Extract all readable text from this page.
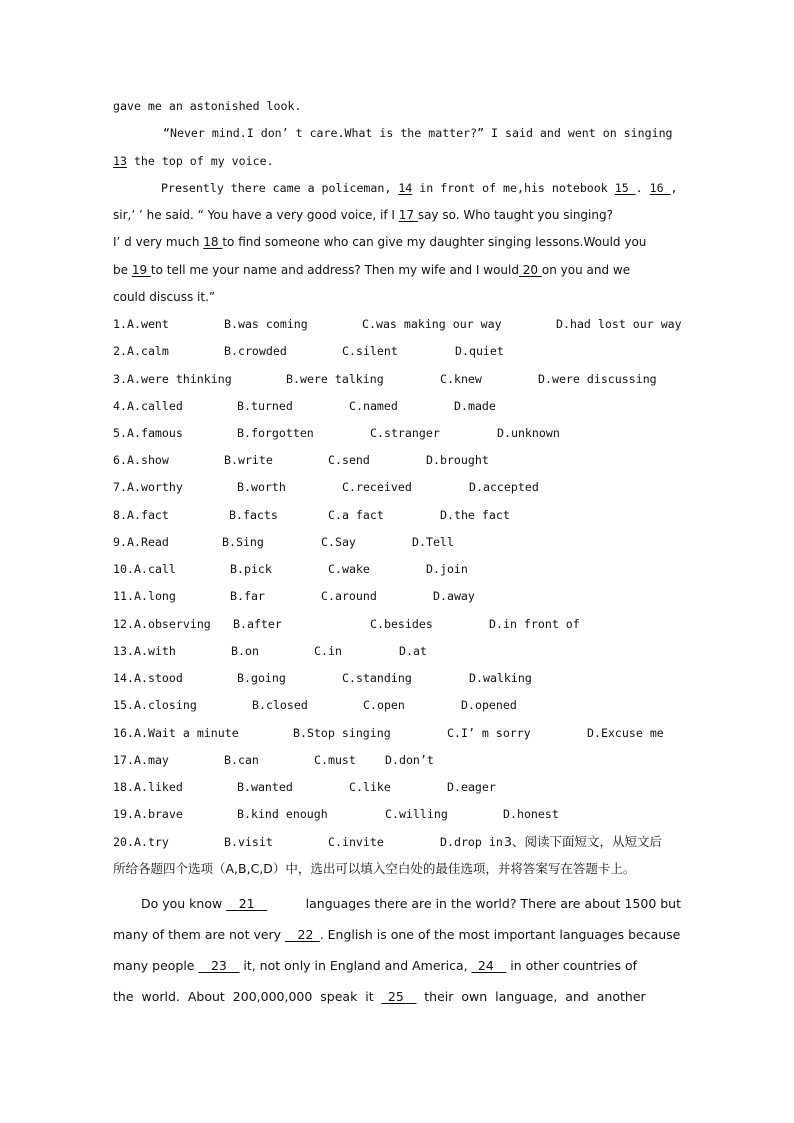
gave me an astonished look.
“Never mind.I don’ t care.What is the matter?” I said and went on singing
13 the top of my voice.
Presently there came a policeman, 14 in front of me,his notebook 15 . 16 ,
sir,’ ’ he said. “ You have a very good voice, if I 17 say so. Who taught you singing?
I’ d very much 18 to find someone who can give my daughter singing lessons.Would you
be 19 to tell me your name and address? Then my wife and I would 20 on you and we
could discuss it.”
1. A.went	B.was coming	C.was making our way	D.had lost our way
2. A.calm	B.crowded	C.silent	D.quiet
3. A.were thinking	B.were talking	C.knew	D.were discussing
4. A.called	B.turned	C.named	D.made
5. A.famous	B.forgotten	C.stranger	D.unknown
6. A.show	B.write	C.send	D.brought
7. A.worthy	B.worth	C.received	D.accepted
8. A.fact	B.facts	C.a fact	D.the fact
9. A.Read	B.Sing	C.Say	D.Tell
10. A.call	B.pick	C.wake	D.join
11. A.long	B.far	C.around	D.away
12. A.observing B.after	C.besides	D.in front of
13. A.with	B.on	C.in	D.at
14. A.stood	B.going	C.standing	D.walking
15. A.closing	B.closed	C.open	D.opened
16. A.Wait a minute	B.Stop singing	C.I’ m sorry	D.Excuse me
17. A.may	B.can	C.must	D.don’t
18. A.liked	B.wanted	C.like	D.eager
19. A.brave	B.kind enough	C.willing	D.honest
20. A.try	B.visit	C.invite	D.drop in 3、阅读下面短文，从短文后
所给各题四个选项（A,B,C,D）中，选出可以填入空白处的最佳选项，并将答案写在答题卡上。
Do you know __21__	languages there are in the world? There are about 1500 but
many of them are not very __22_. English is one of the most important languages because
many people __23__ it, not only in England and America, _24__ in other countries of
the world. About 200,000,000 speak it _25__ their own language, and another
